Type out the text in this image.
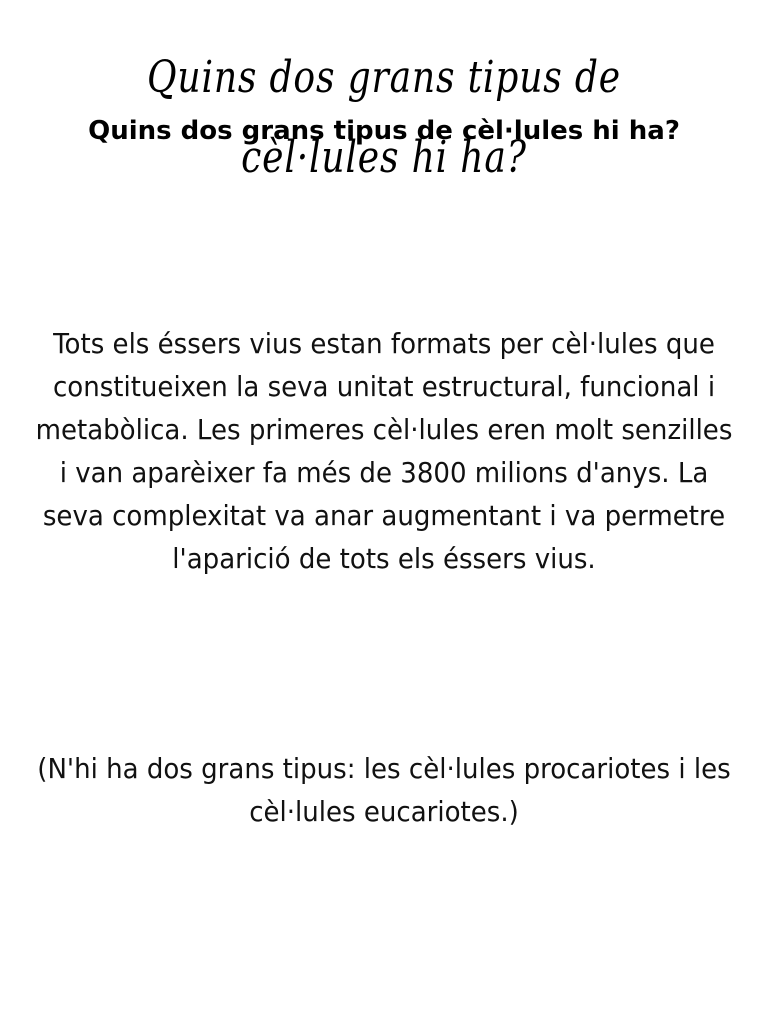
Quins dos grans tipus de cèl·lules hi ha?
Quins dos grans tipus de cèl·lules hi ha?

Tots els éssers vius estan formats per cèl·lules que constitueixen la seva unitat estructural, funcional i metabòlica. Les primeres cèl·lules eren molt senzilles i van aparèixer fa més de 3800 milions d'anys. La seva complexitat va anar augmentant i va permetre l'aparició de tots els éssers vius.

(N'hi ha dos grans tipus: les cèl·lules procariotes i les cèl·lules eucariotes.)
